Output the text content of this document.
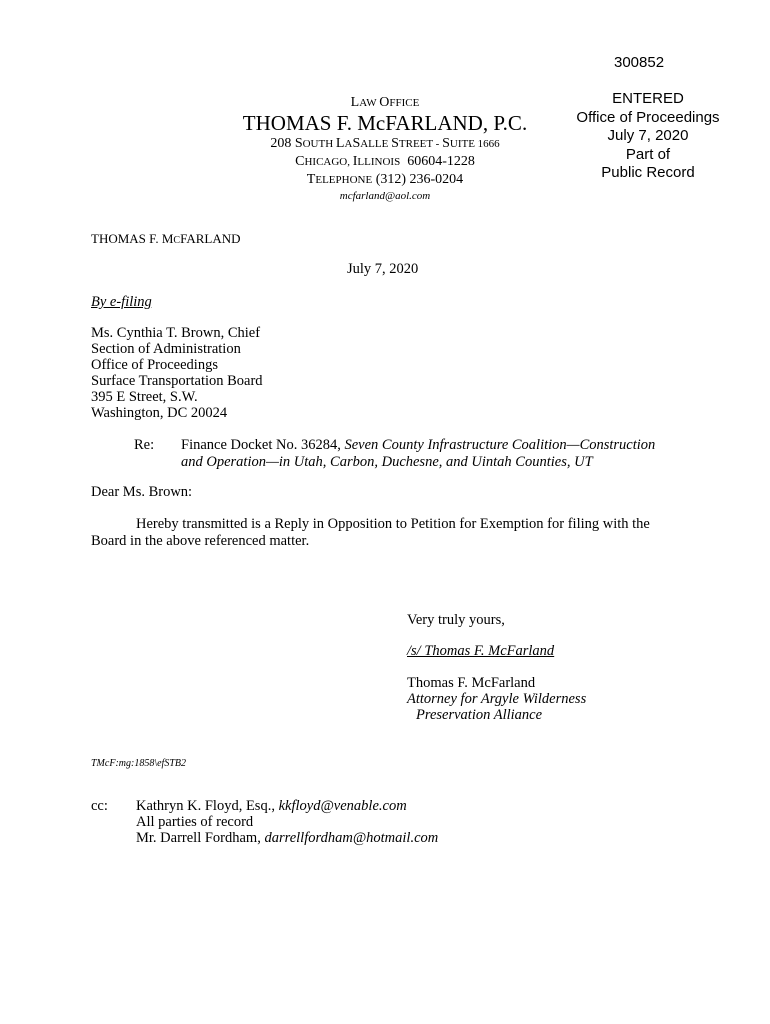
300852
ENTERED
Office of Proceedings
July 7, 2020
Part of
Public Record
LAW OFFICE
THOMAS F. McFARLAND, P.C.
208 SOUTH LASALLE STREET - SUITE 1666
CHICAGO, ILLINOIS  60604-1228
TELEPHONE (312) 236-0204
mcfarland@aol.com
THOMAS F. MCFARLAND
July 7, 2020
By e-filing
Ms. Cynthia T. Brown, Chief
Section of Administration
Office of Proceedings
Surface Transportation Board
395 E Street, S.W.
Washington, DC 20024
Re: Finance Docket No. 36284, Seven County Infrastructure Coalition—Construction
and Operation—in Utah, Carbon, Duchesne, and Uintah Counties, UT
Dear Ms. Brown:
Hereby transmitted is a Reply in Opposition to Petition for Exemption for filing with the
Board in the above referenced matter.
Very truly yours,
/s/ Thomas F. McFarland
Thomas F. McFarland
Attorney for Argyle Wilderness
Preservation Alliance
TMcF:mg:1858\efSTB2
cc: Kathryn K. Floyd, Esq., kkfloyd@venable.com
All parties of record
Mr. Darrell Fordham, darrellfordham@hotmail.com
